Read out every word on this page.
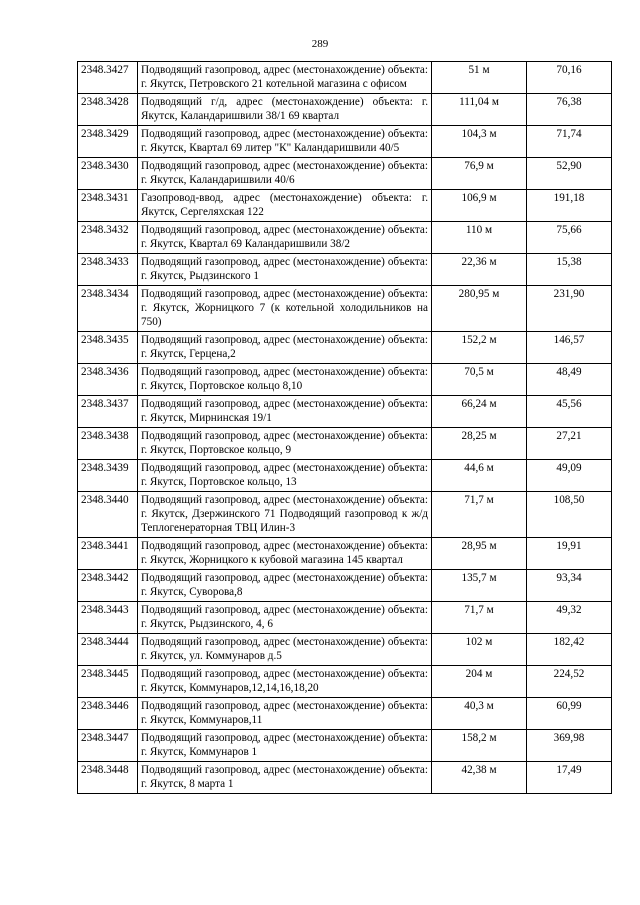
289
2348.3427	Подводящий газопровод, адрес (местонахождение) объекта: г. Якутск, Петровского 21 котельной магазина с офисом	51 м	70,16
2348.3428	Подводящий г/д, адрес (местонахождение) объекта: г. Якутск, Каландаришвили 38/1 69 квартал	111,04 м	76,38
2348.3429	Подводящий газопровод, адрес (местонахождение) объекта: г. Якутск, Квартал 69 литер "К" Каландаришвили 40/5	104,3 м	71,74
2348.3430	Подводящий газопровод, адрес (местонахождение) объекта: г. Якутск, Каландаришвили 40/6	76,9 м	52,90
2348.3431	Газопровод-ввод, адрес (местонахождение) объекта: г. Якутск, Сергеляхская 122	106,9 м	191,18
2348.3432	Подводящий газопровод, адрес (местонахождение) объекта: г. Якутск, Квартал 69 Каландаришвили 38/2	110 м	75,66
2348.3433	Подводящий газопровод, адрес (местонахождение) объекта: г. Якутск, Рыдзинского 1	22,36 м	15,38
2348.3434	Подводящий газопровод, адрес (местонахождение) объекта: г. Якутск, Жорницкого 7 (к котельной холодильников на 750)	280,95 м	231,90
2348.3435	Подводящий газопровод, адрес (местонахождение) объекта: г. Якутск, Герцена,2	152,2 м	146,57
2348.3436	Подводящий газопровод, адрес (местонахождение) объекта: г. Якутск, Портовское кольцо 8,10	70,5 м	48,49
2348.3437	Подводящий газопровод, адрес (местонахождение) объекта: г. Якутск, Мирнинская 19/1	66,24 м	45,56
2348.3438	Подводящий газопровод, адрес (местонахождение) объекта: г. Якутск, Портовское кольцо, 9	28,25 м	27,21
2348.3439	Подводящий газопровод, адрес (местонахождение) объекта: г. Якутск, Портовское кольцо, 13	44,6 м	49,09
2348.3440	Подводящий газопровод, адрес (местонахождение) объекта: г. Якутск, Дзержинского 71 Подводящий газопровод к ж/д Теплогенераторная ТВЦ Илин-3	71,7 м	108,50
2348.3441	Подводящий газопровод, адрес (местонахождение) объекта: г. Якутск, Жорницкого к кубовой магазина 145 квартал	28,95 м	19,91
2348.3442	Подводящий газопровод, адрес (местонахождение) объекта: г. Якутск, Суворова,8	135,7 м	93,34
2348.3443	Подводящий газопровод, адрес (местонахождение) объекта: г. Якутск, Рыдзинского, 4, 6	71,7 м	49,32
2348.3444	Подводящий газопровод, адрес (местонахождение) объекта: г. Якутск, ул. Коммунаров д.5	102 м	182,42
2348.3445	Подводящий газопровод, адрес (местонахождение) объекта: г. Якутск, Коммунаров,12,14,16,18,20	204 м	224,52
2348.3446	Подводящий газопровод, адрес (местонахождение) объекта: г. Якутск, Коммунаров,11	40,3 м	60,99
2348.3447	Подводящий газопровод, адрес (местонахождение) объекта: г. Якутск, Коммунаров 1	158,2 м	369,98
2348.3448	Подводящий газопровод, адрес (местонахождение) объекта: г. Якутск, 8 марта 1	42,38 м	17,49
